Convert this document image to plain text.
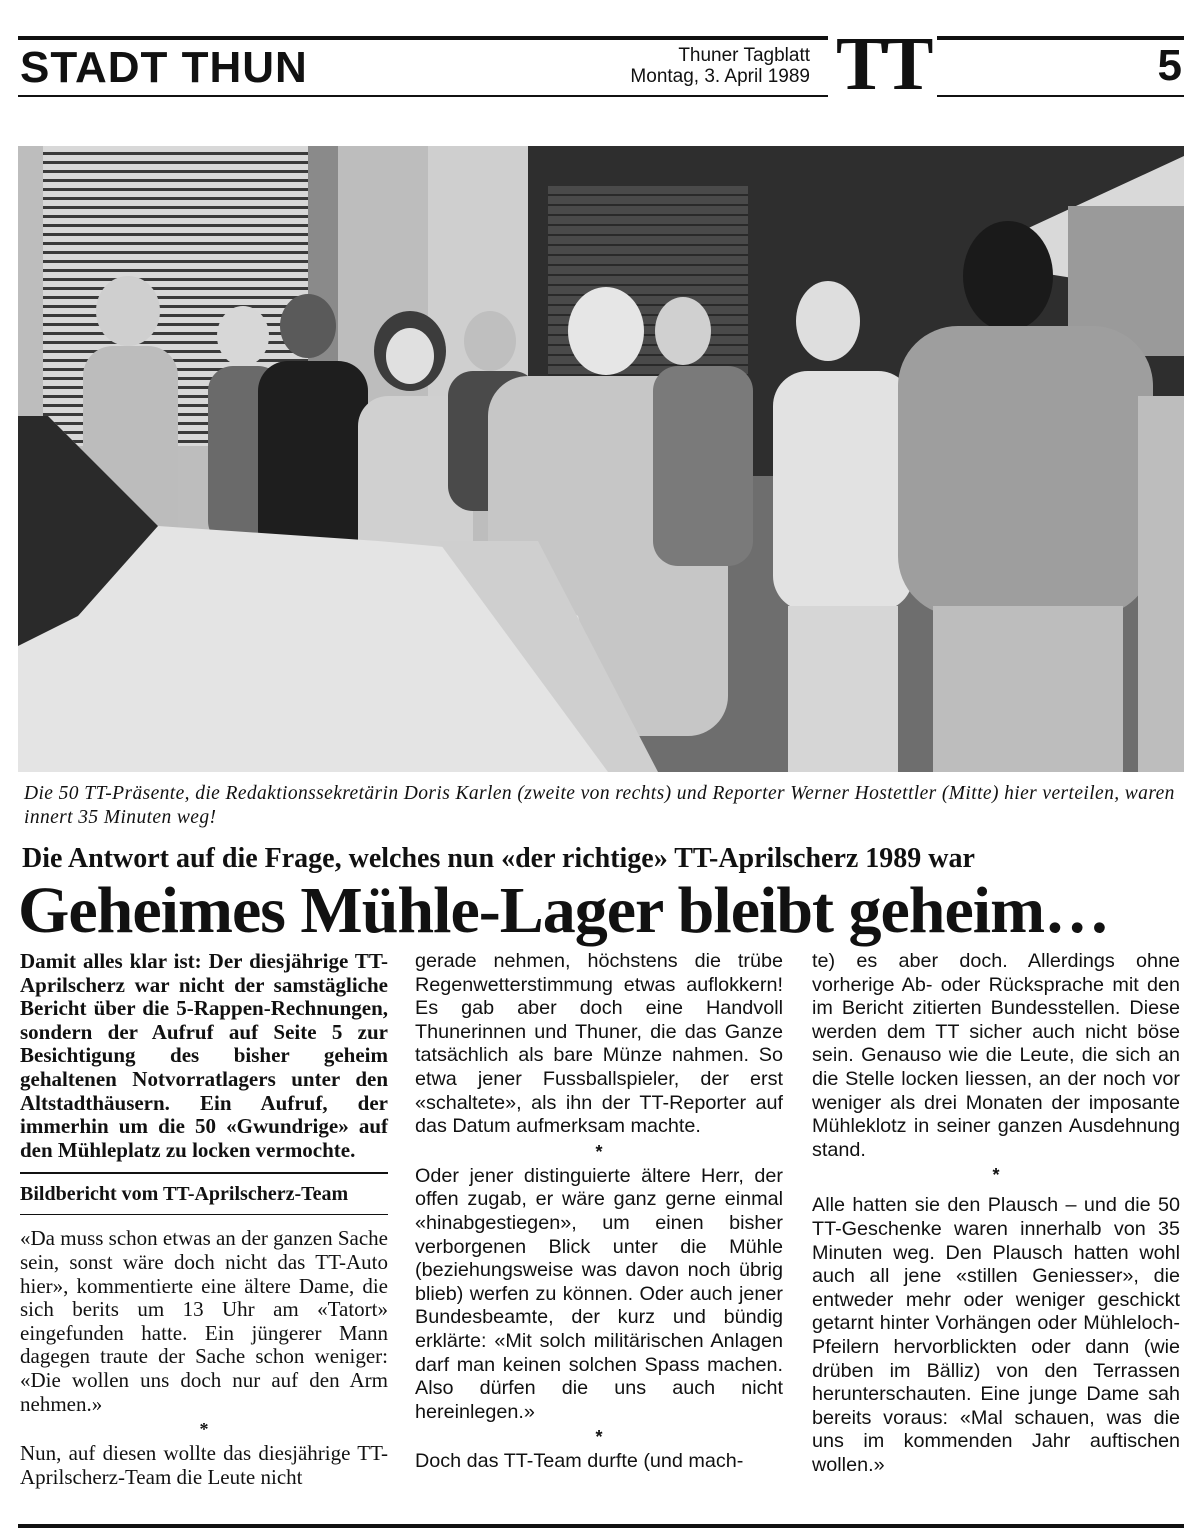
STADT THUN	Thuner Tagblatt
Montag, 3. April 1989 TT	5
Die 50 TT-Präsente, die Redaktionssekretärin Doris Karlen (zweite von rechts) und Reporter Werner Hostettler (Mitte) hier verteilen, waren innert 35 Minuten weg!
Die Antwort auf die Frage, welches nun «der richtige» TT-Aprilscherz 1989 war
Geheimes Mühle-Lager bleibt geheim…

Damit alles klar ist: Der diesjährige TT-Aprilscherz war nicht der samstägliche Bericht über die 5-Rappen-Rechnungen, sondern der Aufruf auf Seite 5 zur Besichtigung des bisher geheim gehaltenen Notvorratlagers unter den Altstadthäusern. Ein Aufruf, der immerhin um die 50 «Gwundrige» auf den Mühleplatz zu locken vermochte.

Bildbericht vom TT-Aprilscherz-Team

«Da muss schon etwas an der ganzen Sache sein, sonst wäre doch nicht das TT-Auto hier», kommentierte eine ältere Dame, die sich berits um 13 Uhr am «Tatort» eingefunden hatte. Ein jüngerer Mann dagegen traute der Sache schon weniger: «Die wollen uns doch nur auf den Arm nehmen.»

*

Nun, auf diesen wollte das diesjährige TT-Aprilscherz-Team die Leute nicht

gerade nehmen, höchstens die trübe Regenwetterstimmung etwas auflokkern! Es gab aber doch eine Handvoll Thunerinnen und Thuner, die das Ganze tatsächlich als bare Münze nahmen. So etwa jener Fussballspieler, der erst «schaltete», als ihn der TT-Reporter auf das Datum aufmerksam machte.

*

Oder jener distinguierte ältere Herr, der offen zugab, er wäre ganz gerne einmal «hinabgestiegen», um einen bisher verborgenen Blick unter die Mühle (beziehungsweise was davon noch übrig blieb) werfen zu können. Oder auch jener Bundesbeamte, der kurz und bündig erklärte: «Mit solch militärischen Anlagen darf man keinen solchen Spass machen. Also dürfen die uns auch nicht hereinlegen.»

*

Doch das TT-Team durfte (und mach-

te) es aber doch. Allerdings ohne vorherige Ab- oder Rücksprache mit den im Bericht zitierten Bundesstellen. Diese werden dem TT sicher auch nicht böse sein. Genauso wie die Leute, die sich an die Stelle locken liessen, an der noch vor weniger als drei Monaten der imposante Mühleklotz in seiner ganzen Ausdehnung stand.

*

Alle hatten sie den Plausch – und die 50 TT-Geschenke waren innerhalb von 35 Minuten weg. Den Plausch hatten wohl auch all jene «stillen Geniesser», die entweder mehr oder weniger geschickt getarnt hinter Vorhängen oder Mühleloch-Pfeilern hervorblickten oder dann (wie drüben im Bälliz) von den Terrassen herunterschauten. Eine junge Dame sah bereits voraus: «Mal schauen, was die uns im kommenden Jahr auftischen wollen.»
